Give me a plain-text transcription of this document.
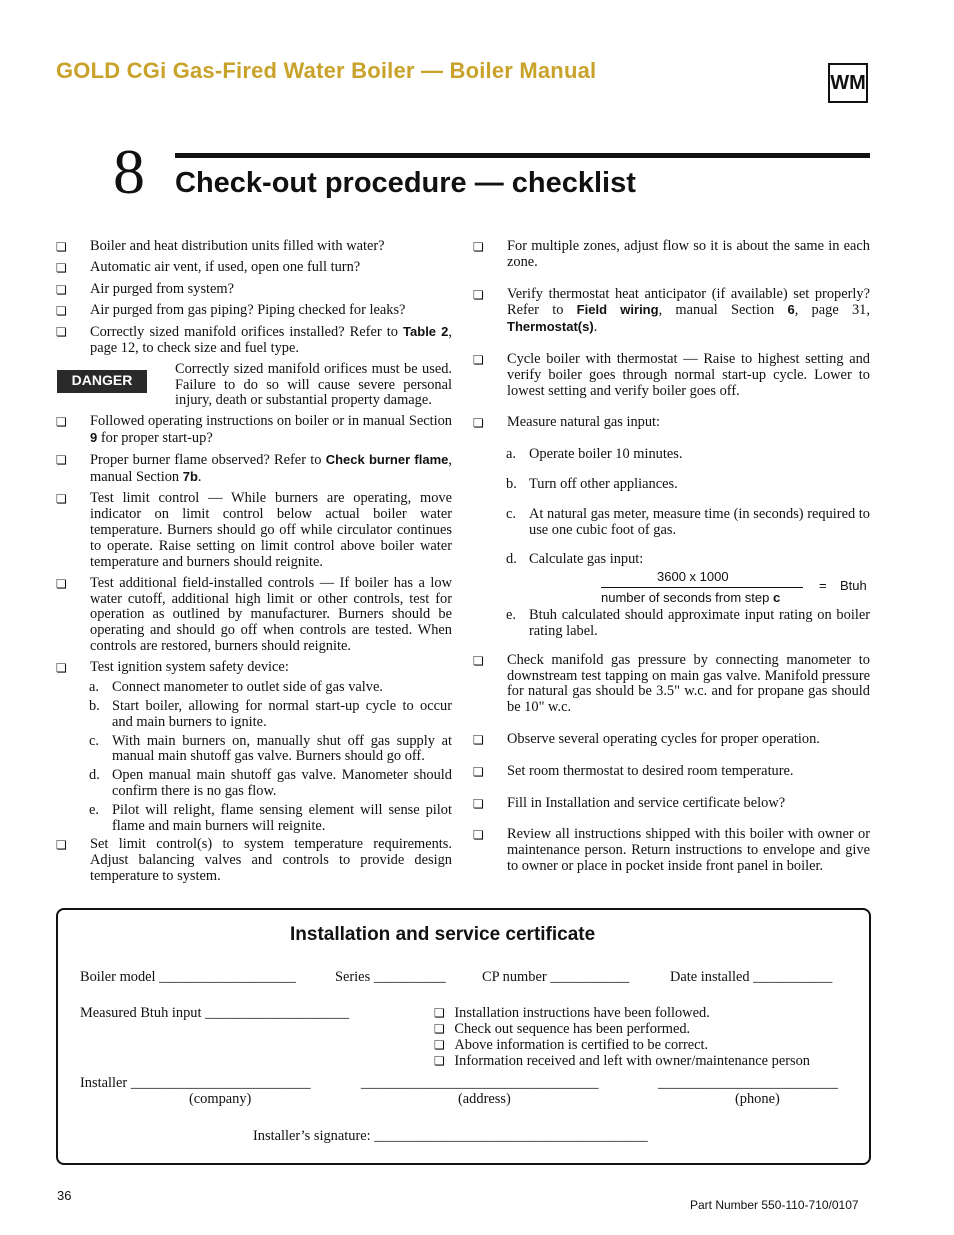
GOLD CGi Gas-Fired Water Boiler — Boiler Manual	WM
8 Check-out procedure — checklist
❏ Boiler and heat distribution units filled with water?
❏ Automatic air vent, if used, open one full turn?
❏ Air purged from system?
❏ Air purged from gas piping? Piping checked for leaks?
❏ Correctly sized manifold orifices installed? Refer to Table 2, page 12, to check size and fuel type.
DANGER
Correctly sized manifold orifices must be used. Failure to do so will cause severe personal injury, death or substantial property damage.
❏ Followed operating instructions on boiler or in manual Section 9 for proper start-up?
❏ Proper burner flame observed? Refer to Check burner flame, manual Section 7b.
❏ Test limit control — While burners are operating, move indicator on limit control below actual boiler water temperature. Burners should go off while circulator continues to operate. Raise setting on limit control above boiler water temperature and burners should reignite.
❏ Test additional field-installed controls — If boiler has a low water cutoff, additional high limit or other controls, test for operation as outlined by manufacturer. Burners should be operating and should go off when controls are tested. When controls are restored, burners should reignite.
❏ Test ignition system safety device:
a. Connect manometer to outlet side of gas valve.
b. Start boiler, allowing for normal start-up cycle to occur and main burners to ignite.
c. With main burners on, manually shut off gas supply at manual main shutoff gas valve. Burners should go off.
d. Open manual main shutoff gas valve. Manometer should confirm there is no gas flow.
e. Pilot will relight, flame sensing element will sense pilot flame and main burners will reignite.
❏ Set limit control(s) to system temperature requirements. Adjust balancing valves and controls to provide design temperature to system.
❏ For multiple zones, adjust flow so it is about the same in each zone.
❏ Verify thermostat heat anticipator (if available) set properly? Refer to Field wiring, manual Section 6, page 31, Thermostat(s).
❏ Cycle boiler with thermostat — Raise to highest setting and verify boiler goes through normal start-up cycle. Lower to lowest setting and verify boiler goes off.
❏ Measure natural gas input:
a. Operate boiler 10 minutes.
b. Turn off other appliances.
c. At natural gas meter, measure time (in seconds) required to use one cubic foot of gas.
d. Calculate gas input:
3600 x 1000
number of seconds from step c
= Btuh
e. Btuh calculated should approximate input rating on boiler rating label.
❏ Check manifold gas pressure by connecting manometer to downstream test tapping on main gas valve. Manifold pressure for natural gas should be 3.5" w.c. and for propane gas should be 10" w.c.
❏ Observe several operating cycles for proper operation.
❏ Set room thermostat to desired room temperature.
❏ Fill in Installation and service certificate below?
❏ Review all instructions shipped with this boiler with owner or maintenance person. Return instructions to envelope and give to owner or place in pocket inside front panel in boiler.
Installation and service certificate
Boiler model ___________________	Series __________	CP number ___________	Date installed ___________
Measured Btuh input ____________________	❏ Installation instructions have been followed.
❏ Check out sequence has been performed.
❏ Above information is certified to be correct.
❏ Information received and left with owner/maintenance person
Installer _________________________	_________________________________	_________________________
(company)	(address)	(phone)
Installer’s signature: ______________________________________
36
Part Number 550-110-710/0107
